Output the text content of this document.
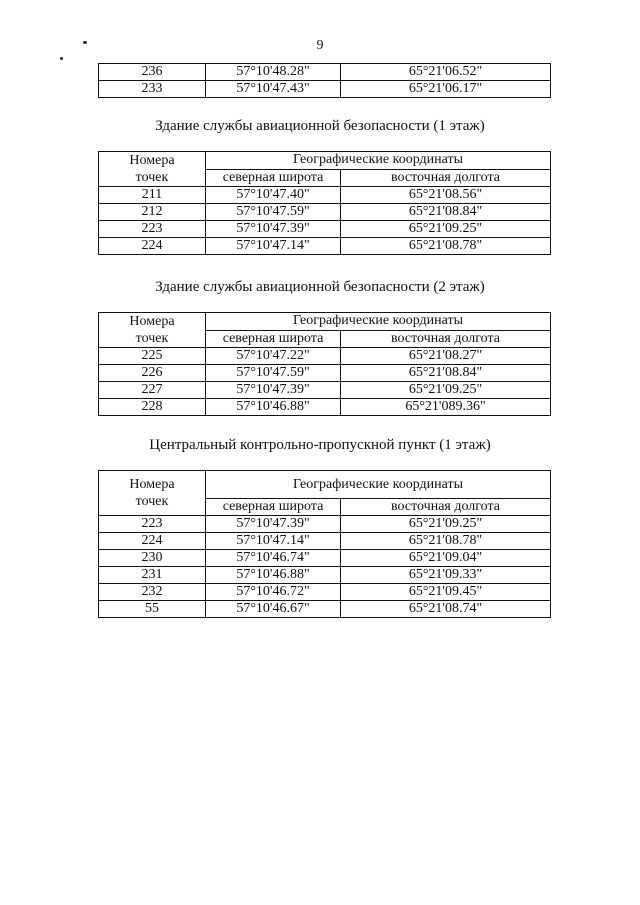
9
236	57°10'48.28"	65°21'06.52"
233	57°10'47.43"	65°21'06.17"
Здание службы авиационной безопасности (1 этаж)
Номера
точек	Географические координаты	
	северная широта	восточная долгота
211	57°10'47.40"	65°21'08.56"
212	57°10'47.59"	65°21'08.84"
223	57°10'47.39"	65°21'09.25"
224	57°10'47.14"	65°21'08.78"
Здание службы авиационной безопасности (2 этаж)
Номера
точек	Географические координаты	
	северная широта	восточная долгота
225	57°10'47.22"	65°21'08.27"
226	57°10'47.59"	65°21'08.84"
227	57°10'47.39"	65°21'09.25"
228	57°10'46.88"	65°21'089.36"
Центральный контрольно-пропускной пункт (1 этаж)
Номера
точек	Географические координаты	
	северная широта	восточная долгота
223	57°10'47.39"	65°21'09.25"
224	57°10'47.14"	65°21'08.78"
230	57°10'46.74"	65°21'09.04"
231	57°10'46.88"	65°21'09.33"
232	57°10'46.72"	65°21'09.45"
55	57°10'46.67"	65°21'08.74"
